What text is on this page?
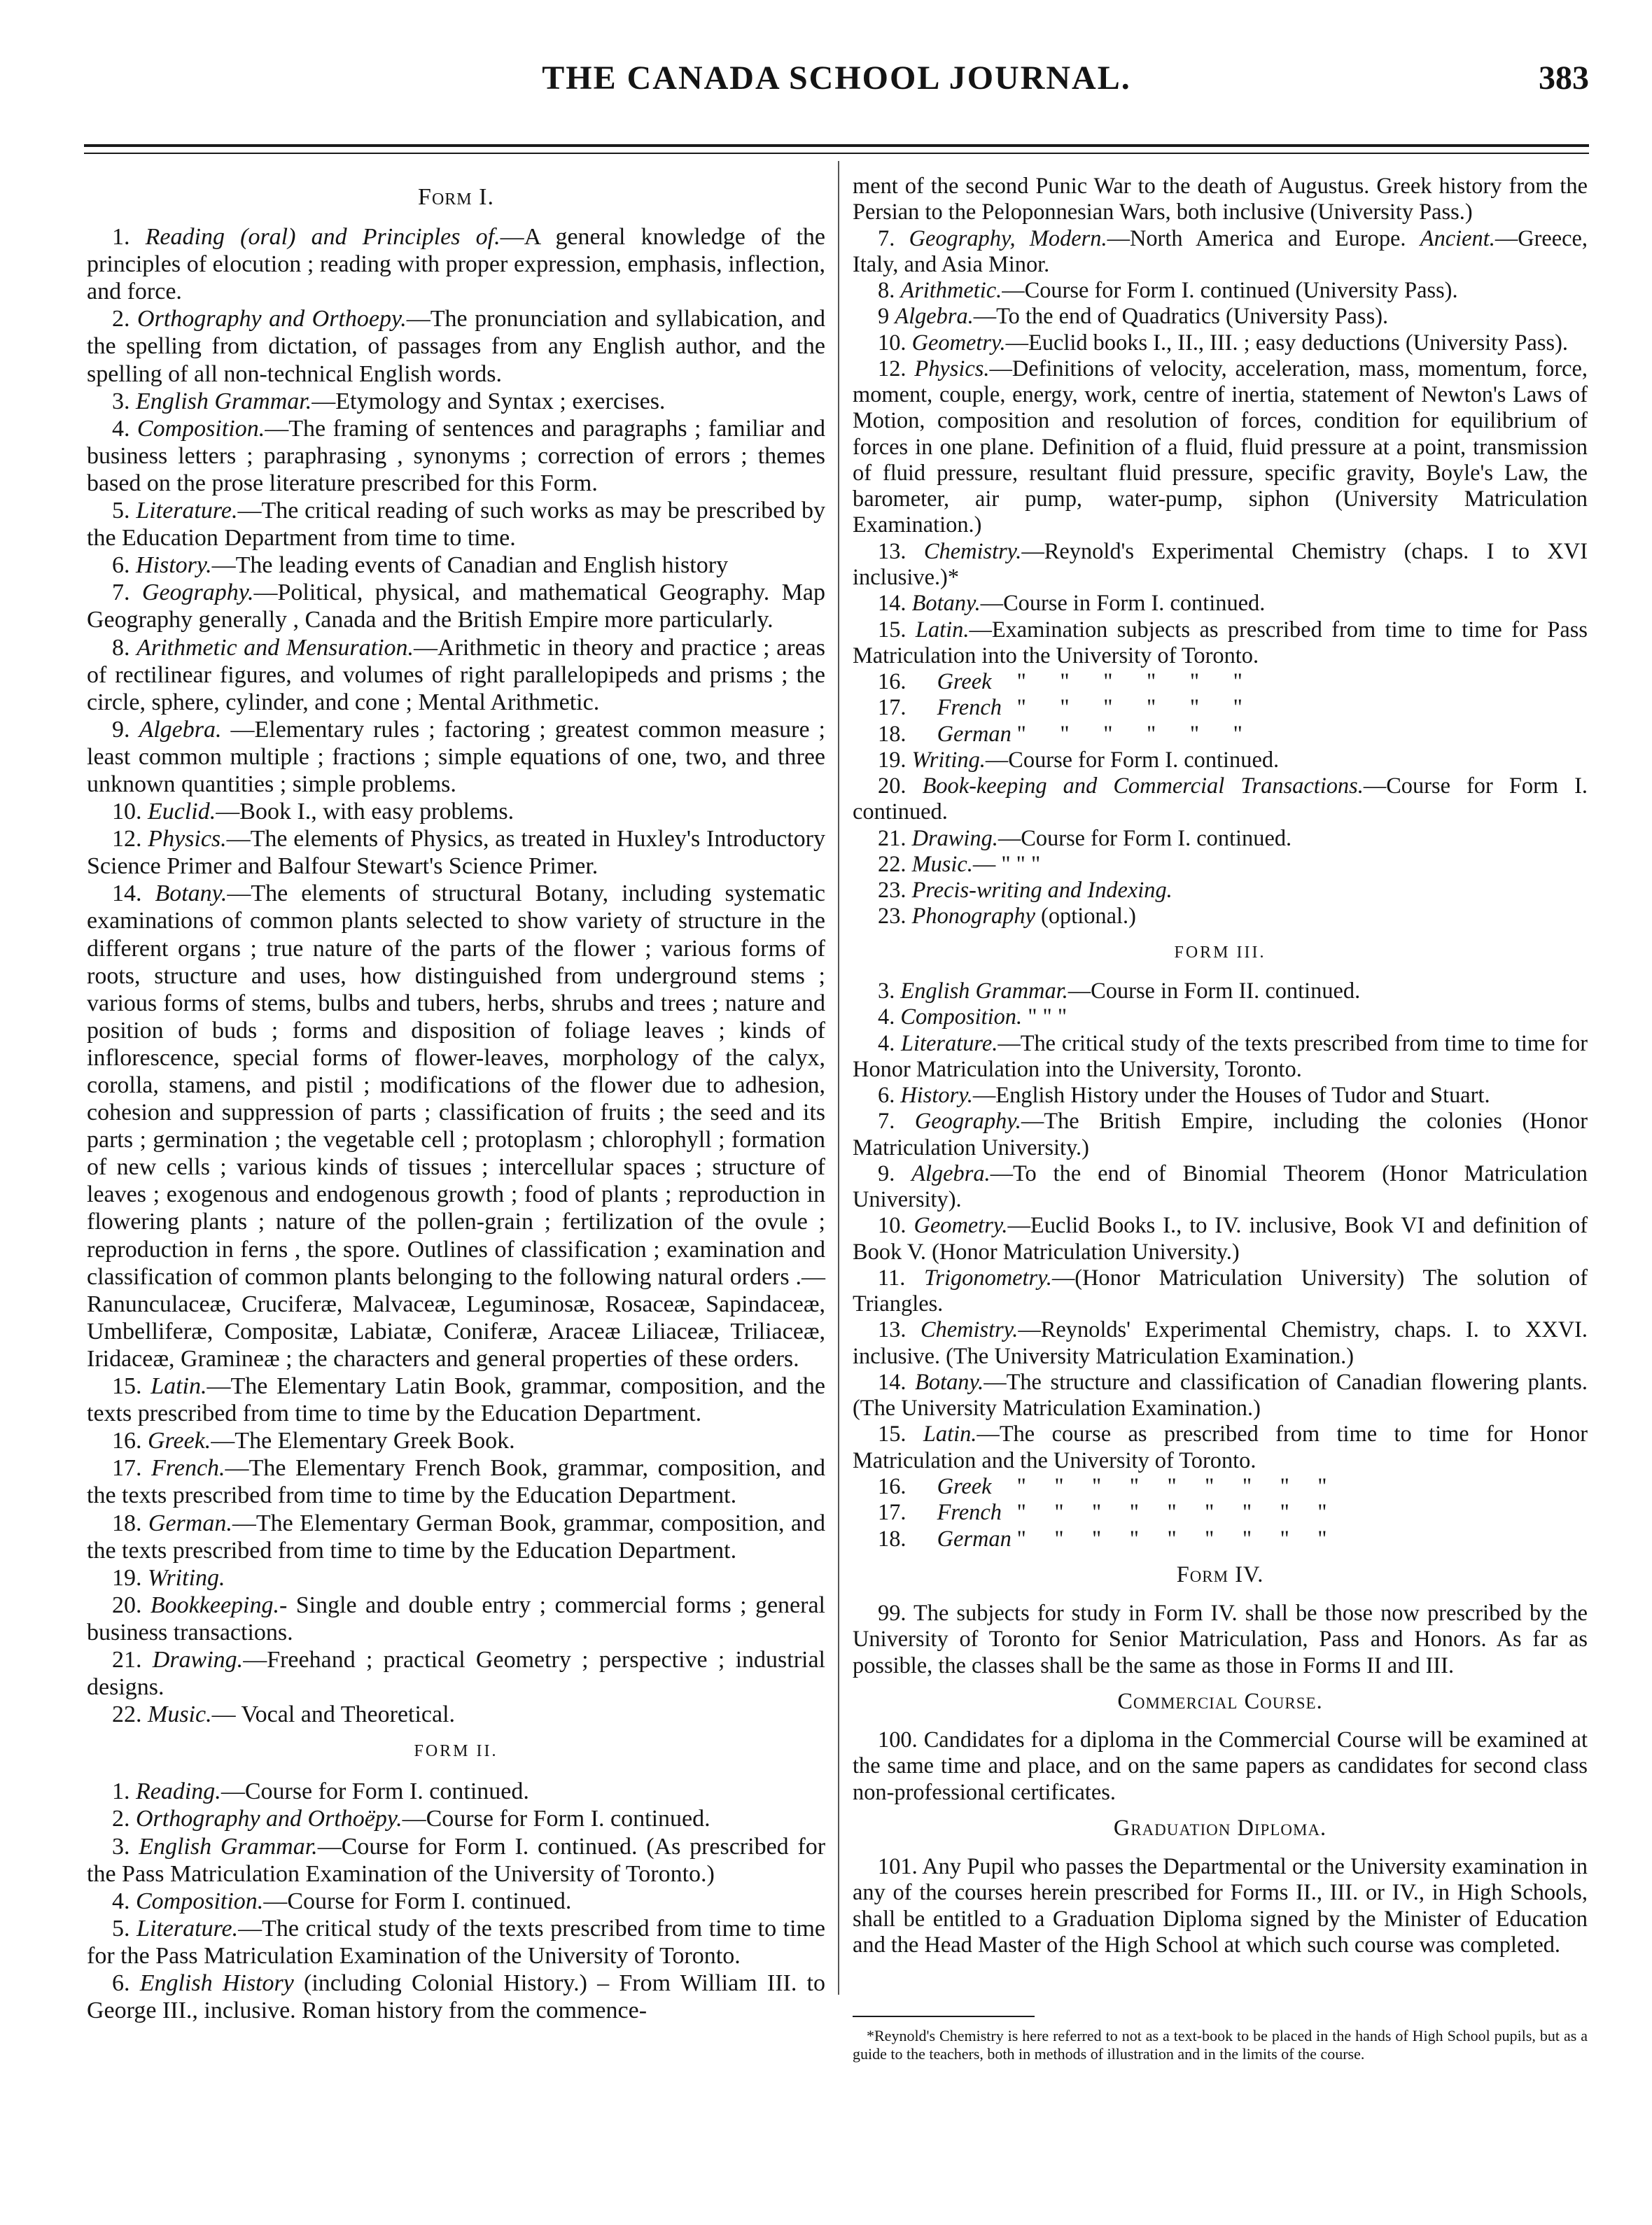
THE CANADA SCHOOL JOURNAL.	383
Form I.

1. Reading (oral) and Principles of.—A general knowledge of the principles of elocution ; reading with proper expression, emphasis, inflection, and force.

2. Orthography and Orthoepy.—The pronunciation and syllabication, and the spelling from dictation, of passages from any English author, and the spelling of all non-technical English words.

3. English Grammar.—Etymology and Syntax ; exercises.

4. Composition.—The framing of sentences and paragraphs ; familiar and business letters ; paraphrasing , synonyms ; correction of errors ; themes based on the prose literature prescribed for this Form.

5. Literature.—The critical reading of such works as may be prescribed by the Education Department from time to time.

6. History.—The leading events of Canadian and English history

7. Geography.—Political, physical, and mathematical Geography. Map Geography generally , Canada and the British Empire more particularly.

8. Arithmetic and Mensuration.—Arithmetic in theory and practice ; areas of rectilinear figures, and volumes of right parallelopipeds and prisms ; the circle, sphere, cylinder, and cone ; Mental Arithmetic.

9. Algebra. —Elementary rules ; factoring ; greatest common measure ; least common multiple ; fractions ; simple equations of one, two, and three unknown quantities ; simple problems.

10. Euclid.—Book I., with easy problems.

12. Physics.—The elements of Physics, as treated in Huxley's Introductory Science Primer and Balfour Stewart's Science Primer.

14. Botany.—The elements of structural Botany, including systematic examinations of common plants selected to show variety of structure in the different organs ; true nature of the parts of the flower ; various forms of roots, structure and uses, how distinguished from underground stems ; various forms of stems, bulbs and tubers, herbs, shrubs and trees ; nature and position of buds ; forms and disposition of foliage leaves ; kinds of inflorescence, special forms of flower-leaves, morphology of the calyx, corolla, stamens, and pistil ; modifications of the flower due to adhesion, cohesion and suppression of parts ; classification of fruits ; the seed and its parts ; germination ; the vegetable cell ; protoplasm ; chlorophyll ; formation of new cells ; various kinds of tissues ; intercellular spaces ; structure of leaves ; exogenous and endogenous growth ; food of plants ; reproduction in flowering plants ; nature of the pollen-grain ; fertilization of the ovule ; reproduction in ferns , the spore. Outlines of classification ; examination and classification of common plants belonging to the following natural orders .—Ranunculaceæ, Cruciferæ, Malvaceæ, Leguminosæ, Rosaceæ, Sapindaceæ, Umbelliferæ, Compositæ, Labiatæ, Coniferæ, Araceæ Liliaceæ, Triliaceæ, Iridaceæ, Gramineæ ; the characters and general properties of these orders.

15. Latin.—The Elementary Latin Book, grammar, composition, and the texts prescribed from time to time by the Education Department.

16. Greek.—The Elementary Greek Book.

17. French.—The Elementary French Book, grammar, composition, and the texts prescribed from time to time by the Education Department.

18. German.—The Elementary German Book, grammar, composition, and the texts prescribed from time to time by the Education Department.

19. Writing.

20. Bookkeeping.- Single and double entry ; commercial forms ; general business transactions.

21. Drawing.—Freehand ; practical Geometry ; perspective ; industrial designs.

22. Music.— Vocal and Theoretical.

FORM II.

1. Reading.—Course for Form I. continued.

2. Orthography and Orthoëpy.—Course for Form I. continued.

3. English Grammar.—Course for Form I. continued. (As prescribed for the Pass Matriculation Examination of the University of Toronto.)

4. Composition.—Course for Form I. continued.

5. Literature.—The critical study of the texts prescribed from time to time for the Pass Matriculation Examination of the University of Toronto.

6. English History (including Colonial History.) – From William III. to George III., inclusive. Roman history from the commence-

ment of the second Punic War to the death of Augustus. Greek history from the Persian to the Peloponnesian Wars, both inclusive (University Pass.)

7. Geography, Modern.—North America and Europe. Ancient.—Greece, Italy, and Asia Minor.

8. Arithmetic.—Course for Form I. continued (University Pass).

9 Algebra.—To the end of Quadratics (University Pass).

10. Geometry.—Euclid books I., II., III. ; easy deductions (University Pass).

12. Physics.—Definitions of velocity, acceleration, mass, momentum, force, moment, couple, energy, work, centre of inertia, statement of Newton's Laws of Motion, composition and resolution of forces, condition for equilibrium of forces in one plane. Definition of a fluid, fluid pressure at a point, transmission of fluid pressure, resultant fluid pressure, specific gravity, Boyle's Law, the barometer, air pump, water-pump, siphon (University Matriculation Examination.)

13. Chemistry.—Reynold's Experimental Chemistry (chaps. I to XVI inclusive.)*

14. Botany.—Course in Form I. continued.

15. Latin.—Examination subjects as prescribed from time to time for Pass Matriculation into the University of Toronto.

16. Greek "      "      "      "      "      "

17. French "      "      "      "      "      "

18. German "      "      "      "      "      "

19. Writing.—Course for Form I. continued.

20. Book-keeping and Commercial Transactions.—Course for Form I. continued.

21. Drawing.—Course for Form I. continued.

22. Music.— " " "

23. Precis-writing and Indexing.

23. Phonography (optional.)

FORM III.

3. English Grammar.—Course in Form II. continued.

4. Composition. " " "

4. Literature.—The critical study of the texts prescribed from time to time for Honor Matriculation into the University, Toronto.

6. History.—English History under the Houses of Tudor and Stuart.

7. Geography.—The British Empire, including the colonies (Honor Matriculation University.)

9. Algebra.—To the end of Binomial Theorem (Honor Matriculation University).

10. Geometry.—Euclid Books I., to IV. inclusive, Book VI and definition of Book V. (Honor Matriculation University.)

11. Trigonometry.—(Honor Matriculation University) The solution of Triangles.

13. Chemistry.—Reynolds' Experimental Chemistry, chaps. I. to XXVI. inclusive. (The University Matriculation Examination.)

14. Botany.—The structure and classification of Canadian flowering plants. (The University Matriculation Examination.)

15. Latin.—The course as prescribed from time to time for Honor Matriculation and the University of Toronto.

16. Greek "     "     "     "     "     "     "     "     "

17. French "     "     "     "     "     "     "     "     "

18. German "     "     "     "     "     "     "     "     "

Form IV.

99. The subjects for study in Form IV. shall be those now prescribed by the University of Toronto for Senior Matriculation, Pass and Honors. As far as possible, the classes shall be the same as those in Forms II and III.

Commercial Course.

100. Candidates for a diploma in the Commercial Course will be examined at the same time and place, and on the same papers as candidates for second class non-professional certificates.

Graduation Diploma.

101. Any Pupil who passes the Departmental or the University examination in any of the courses herein prescribed for Forms II., III. or IV., in High Schools, shall be entitled to a Graduation Diploma signed by the Minister of Education and the Head Master of the High School at which such course was completed.

*Reynold's Chemistry is here referred to not as a text-book to be placed in the hands of High School pupils, but as a guide to the teachers, both in methods of illustration and in the limits of the course.
